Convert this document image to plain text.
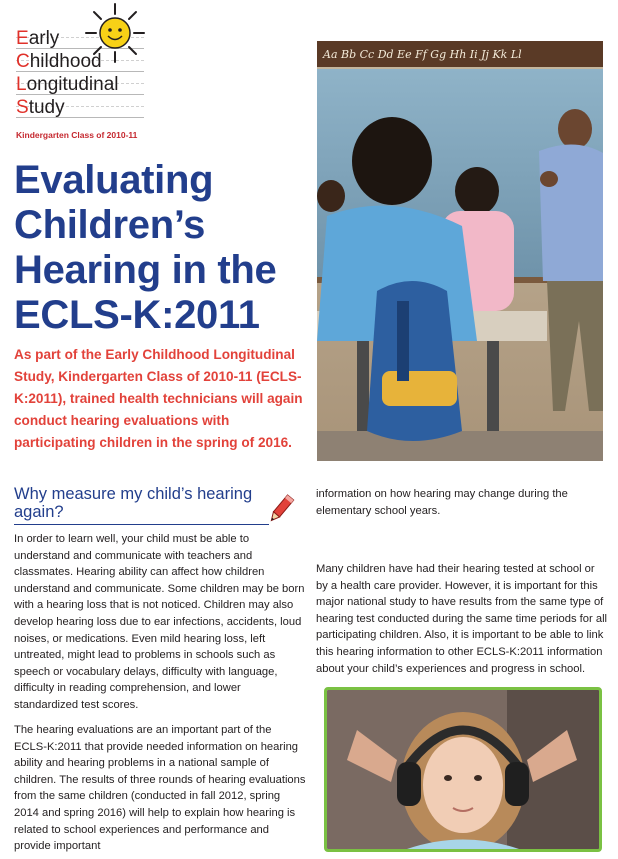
Early
Childhood
Longitudinal
Study
Kindergarten Class of 2010-11
Evaluating Children’s Hearing in the ECLS-K:2011
As part of the Early Childhood Longitudinal Study, Kindergarten Class of 2010-11 (ECLS-K:2011), trained health technicians will again conduct hearing evaluations with participating children in the spring of 2016.
Why measure my child’s hearing again?
In order to learn well, your child must be able to understand and communicate with teachers and classmates. Hearing ability can affect how children understand and communicate. Some children may be born with a hearing loss that is not noticed. Children may also develop hearing loss due to ear infections, accidents, loud noises, or medications. Even mild hearing loss, left untreated, might lead to problems in schools such as speech or vocabulary delays, difficulty with language, difficulty in reading comprehension, and lower standardized test scores.
The hearing evaluations are an important part of the ECLS-K:2011 that provide needed information on hearing ability and hearing problems in a national sample of children. The results of three rounds of hearing evaluations from the same children (conducted in fall 2012, spring 2014 and spring 2016) will help to explain how hearing is related to school experiences and performance and provide important
information on how hearing may change during the elementary school years.
Many children have had their hearing tested at school or by a health care provider. However, it is important for this major national study to have results from the same type of hearing test conducted during the same time periods for all participating children. Also, it is important to be able to link this hearing information to other ECLS-K:2011 information about your child’s experiences and progress in school.
Aa Bb Cc Dd Ee Ff Gg Hh Ii Jj Kk Ll
